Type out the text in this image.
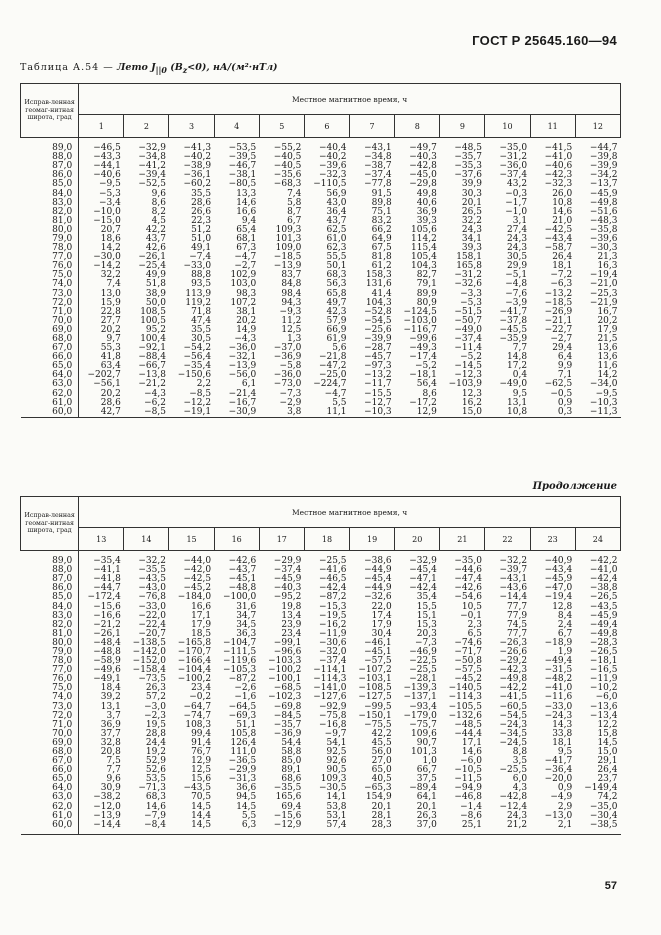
ГОСТ Р 25645.160—94
Таблица А.54 — Лето $J_{||0}$ $(B_z<0)$, нА/(м²·нТл)
Исправ-ленная геомаг-нитная широта, град	Местное магнитное время, ч											
	1	2	3	4	5	6	7	8	9	10	11	12
89,0	−46,5	−32,9	−41,3	−53,5	−55,2	−40,4	−43,1	−49,7	−48,5	−35,0	−41,5	−44,7
88,0	−43,3	−34,8	−40,2	−39,5	−40,5	−40,2	−34,8	−40,3	−35,7	−31,2	−41,0	−39,8
87,0	−44,1	−41,2	−38,9	−46,7	−40,5	−39,6	−38,7	−42,8	−35,3	−36,0	−40,6	−39,9
86,0	−40,6	−39,4	−36,1	−38,1	−35,6	−32,3	−37,4	−45,0	−37,6	−37,4	−42,3	−34,2
85,0	−9,5	−52,5	−60,2	−80,5	−68,3	−110,5	−77,8	−29,8	39,9	43,2	−32,3	−13,7
84,0	−5,3	9,6	35,5	13,3	7,4	56,9	91,5	49,8	30,3	−0,3	26,0	−45,9
83,0	−3,4	8,6	28,6	14,6	5,8	43,0	89,8	40,6	20,1	−1,7	10,8	−49,8
82,0	−10,0	8,2	26,6	16,6	8,7	36,4	75,1	36,9	26,5	−1,0	14,6	−51,6
81,0	−15,0	4,5	22,3	9,4	6,7	43,7	83,2	39,3	32,2	3,1	21,0	−48,3
80,0	20,7	42,2	51,2	65,4	109,3	62,5	66,2	105,6	24,3	27,4	−42,5	−35,8
79,0	18,6	43,7	51,0	68,1	101,3	61,0	64,9	114,2	34,1	24,3	−43,4	−39,6
78,0	14,2	42,6	49,1	67,3	109,0	62,3	67,5	115,4	39,3	24,3	−58,7	−30,3
77,0	−30,0	−26,1	−7,4	−4,7	−18,5	55,5	81,8	105,4	158,1	30,5	26,4	21,3
76,0	−14,2	−25,4	−33,0	−2,7	−13,9	50,1	61,2	104,3	165,8	29,9	18,1	16,3
75,0	32,2	49,9	88,8	102,9	83,7	68,3	158,3	82,7	−31,2	−5,1	−7,2	−19,4
74,0	7,4	51,8	93,5	103,0	84,8	56,3	131,6	79,1	−32,6	−4,8	−6,3	−21,0
73,0	13,0	38,9	113,9	98,3	98,4	65,8	41,4	89,9	−3,3	−7,6	−13,2	−25,3
72,0	15,9	50,0	119,2	107,2	94,3	49,7	104,3	80,9	−5,3	−3,9	−18,5	−21,9
71,0	22,8	108,5	71,8	38,1	−9,3	42,3	−52,8	−124,5	−51,5	−41,7	−26,9	16,7
70,0	27,7	100,5	47,4	20,2	11,2	57,9	−54,5	−103,0	−50,7	−37,8	−21,1	20,2
69,0	20,2	95,2	35,5	14,9	12,5	66,9	−25,6	−116,7	−49,0	−45,5	−22,7	17,9
68,0	9,7	100,4	30,5	−4,3	1,3	61,9	−39,9	−99,6	−37,4	−35,9	−2,7	21,5
67,0	55,3	−92,1	−54,2	−36,0	−37,0	5,6	−28,7	−49,3	−11,4	7,7	29,4	13,6
66,0	41,8	−88,4	−56,4	−32,1	−36,9	−21,8	−45,7	−17,4	−5,2	14,8	6,4	13,6
65,0	63,4	−66,7	−35,4	−13,9	−5,8	−47,2	−97,3	−5,2	−14,5	17,2	9,9	11,6
64,0	−202,7	−13,8	−150,6	−56,0	−36,0	−25,0	−13,2	−18,1	−12,3	0,4	7,1	14,2
63,0	−56,1	−21,2	2,2	6,1	−73,0	−224,7	−11,7	56,4	−103,9	−49,0	−62,5	−34,0
62,0	20,2	−4,3	−8,5	−21,4	−7,3	−4,7	−15,5	8,6	12,3	9,5	−0,5	−9,5
61,0	28,6	−6,2	−12,2	−16,7	−2,9	5,5	−12,7	−17,2	16,2	13,1	0,9	−10,3
60,0	42,7	−8,5	−19,1	−30,9	3,8	11,1	−10,3	12,9	15,0	10,8	0,3	−11,3
Продолжение
Исправ-ленная геомаг-нитная широта, град	Местное магнитное время, ч											
	13	14	15	16	17	18	19	20	21	22	23	24
89,0	−35,4	−32,2	−44,0	−42,6	−29,9	−25,5	−38,6	−32,9	−35,0	−32,2	−40,9	−42,2
88,0	−41,1	−35,5	−42,0	−43,7	−37,4	−41,6	−44,9	−45,4	−44,6	−39,7	−43,4	−41,0
87,0	−41,8	−43,5	−42,5	−45,1	−45,9	−46,5	−45,4	−47,1	−47,4	−43,1	−45,9	−42,4
86,0	−44,7	−43,0	−45,2	−48,8	−40,3	−42,4	−44,9	−42,4	−42,6	−43,6	−47,0	−38,8
85,0	−172,4	−76,8	−184,0	−100,0	−95,2	−87,2	−32,6	35,4	−54,6	−14,4	−19,4	−26,5
84,0	−15,6	−33,0	16,6	31,6	19,8	−15,3	22,0	15,5	10,5	77,7	12,8	−43,5
83,0	−16,6	−22,0	17,1	34,7	13,4	−19,5	17,4	15,1	−0,1	77,9	8,4	−45,9
82,0	−21,2	−22,4	17,9	34,5	23,9	−16,2	17,9	15,3	2,3	74,5	2,4	−49,4
81,0	−26,1	−20,7	18,5	36,3	23,4	−11,9	30,4	20,3	6,5	77,7	6,7	−49,8
80,0	−48,4	−138,5	−165,8	−104,7	−99,1	−30,6	−46,1	−7,3	−74,6	−26,3	−18,9	−28,3
79,0	−48,8	−142,0	−170,7	−111,5	−96,6	−32,0	−45,1	−46,9	−71,7	−26,6	1,9	−26,5
78,0	−58,9	−152,0	−166,4	−119,6	−103,3	−37,4	−57,5	−22,5	−50,8	−29,2	−49,4	−18,1
77,0	−49,6	−158,4	−104,4	−105,3	−100,2	−114,1	−107,2	−25,5	−57,5	−42,3	−31,5	−16,5
76,0	−49,1	−73,5	−100,2	−87,2	−100,1	−114,3	−103,1	−28,1	−45,2	−49,8	−48,2	−11,9
75,0	18,4	26,3	23,4	−2,6	−68,5	−141,0	−108,5	−139,3	−140,5	−42,2	−41,0	−10,2
74,0	39,2	57,2	−0,2	−1,6	−102,3	−127,6	−127,5	−137,1	−114,3	−41,5	−11,6	−6,0
73,0	13,1	−3,0	−64,7	−64,5	−69,8	−92,9	−99,5	−93,4	−105,5	−60,5	−33,0	−13,6
72,0	3,7	−2,3	−74,7	−69,3	−84,5	−75,8	−150,1	−179,0	−132,6	−54,5	−24,3	−13,4
71,0	36,9	19,5	108,3	51,1	−35,7	−16,8	−75,5	−75,7	−48,5	−24,3	14,3	12,2
70,0	37,7	28,8	99,4	105,8	−36,9	−9,7	42,2	109,6	−44,4	−34,5	33,8	15,8
69,0	32,8	24,4	91,4	126,4	54,4	54,1	45,5	90,7	17,1	−24,5	18,1	14,5
68,0	20,8	19,2	76,7	111,0	58,8	92,5	56,0	101,3	14,6	8,8	9,5	15,0
67,0	7,5	52,9	12,9	−36,5	85,0	92,6	27,0	1,0	−6,0	3,5	−41,7	29,1
66,0	7,7	52,6	12,5	−29,9	89,1	90,5	65,0	66,7	−10,5	−25,5	−36,4	26,4
65,0	9,6	53,5	15,6	−31,3	68,6	109,3	40,5	37,5	−11,5	6,0	−20,0	23,7
64,0	30,9	−71,3	−43,5	36,6	−35,5	−30,5	−65,3	−89,4	−94,9	4,3	0,9	−149,4
63,0	−38,2	68,3	70,5	94,5	165,6	14,1	154,9	64,1	−46,8	−42,8	−4,9	74,2
62,0	−12,0	14,6	14,5	14,5	69,4	53,8	20,1	20,1	−1,4	−12,4	2,9	−35,0
61,0	−13,9	−7,9	14,4	5,5	−15,6	53,1	28,1	26,3	−8,6	24,3	−13,0	−30,4
60,0	−14,4	−8,4	14,5	6,3	−12,9	57,4	28,3	37,0	25,1	21,2	2,1	−38,5
57
